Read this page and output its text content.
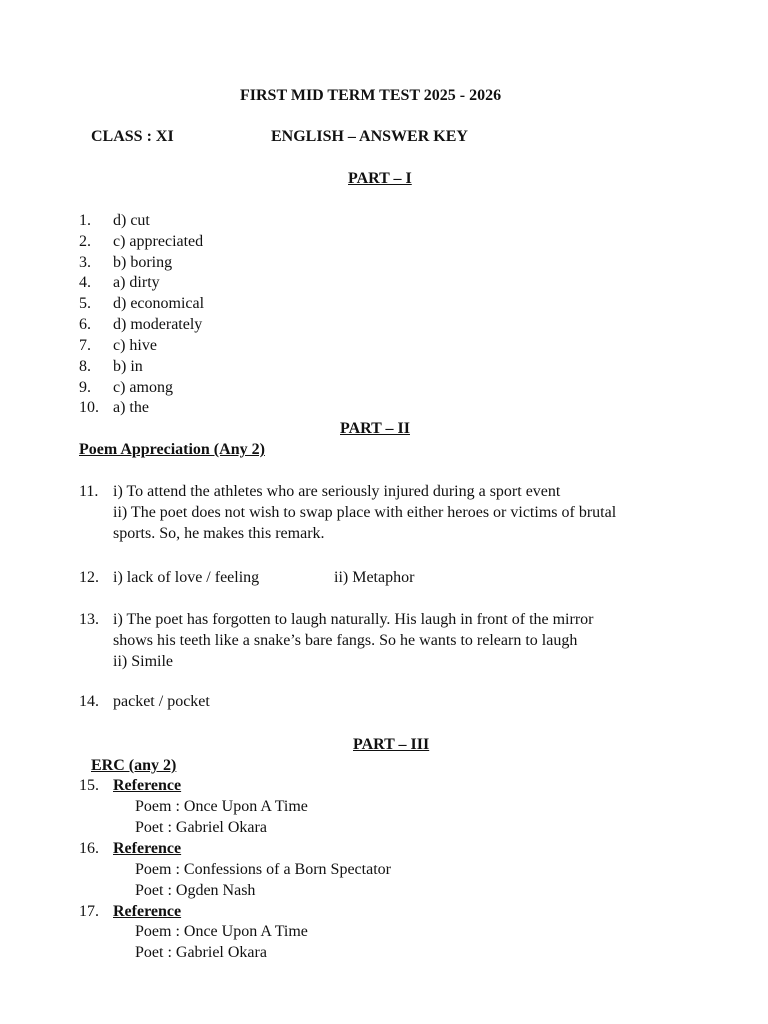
FIRST MID TERM TEST 2025 - 2026
CLASS : XI	ENGLISH – ANSWER KEY
PART – I
1. d) cut
2. c) appreciated
3. b) boring
4. a) dirty
5. d) economical
6. d) moderately
7. c) hive
8. b) in
9. c) among
10. a) the
PART – II
Poem Appreciation (Any 2)
11. i) To attend the athletes who are seriously injured during a sport event
ii) The poet does not wish to swap place with either heroes or victims of brutal
sports. So, he makes this remark.
12. i) lack of love / feeling	ii) Metaphor
13. i) The poet has forgotten to laugh naturally. His laugh in front of the mirror
shows his teeth like a snake’s bare fangs. So he wants to relearn to laugh
ii) Simile
14. packet / pocket
PART – III
ERC (any 2)
15. Reference
Poem : Once Upon A Time
Poet : Gabriel Okara
16. Reference
Poem : Confessions of a Born Spectator
Poet : Ogden Nash
17. Reference
Poem : Once Upon A Time
Poet : Gabriel Okara
